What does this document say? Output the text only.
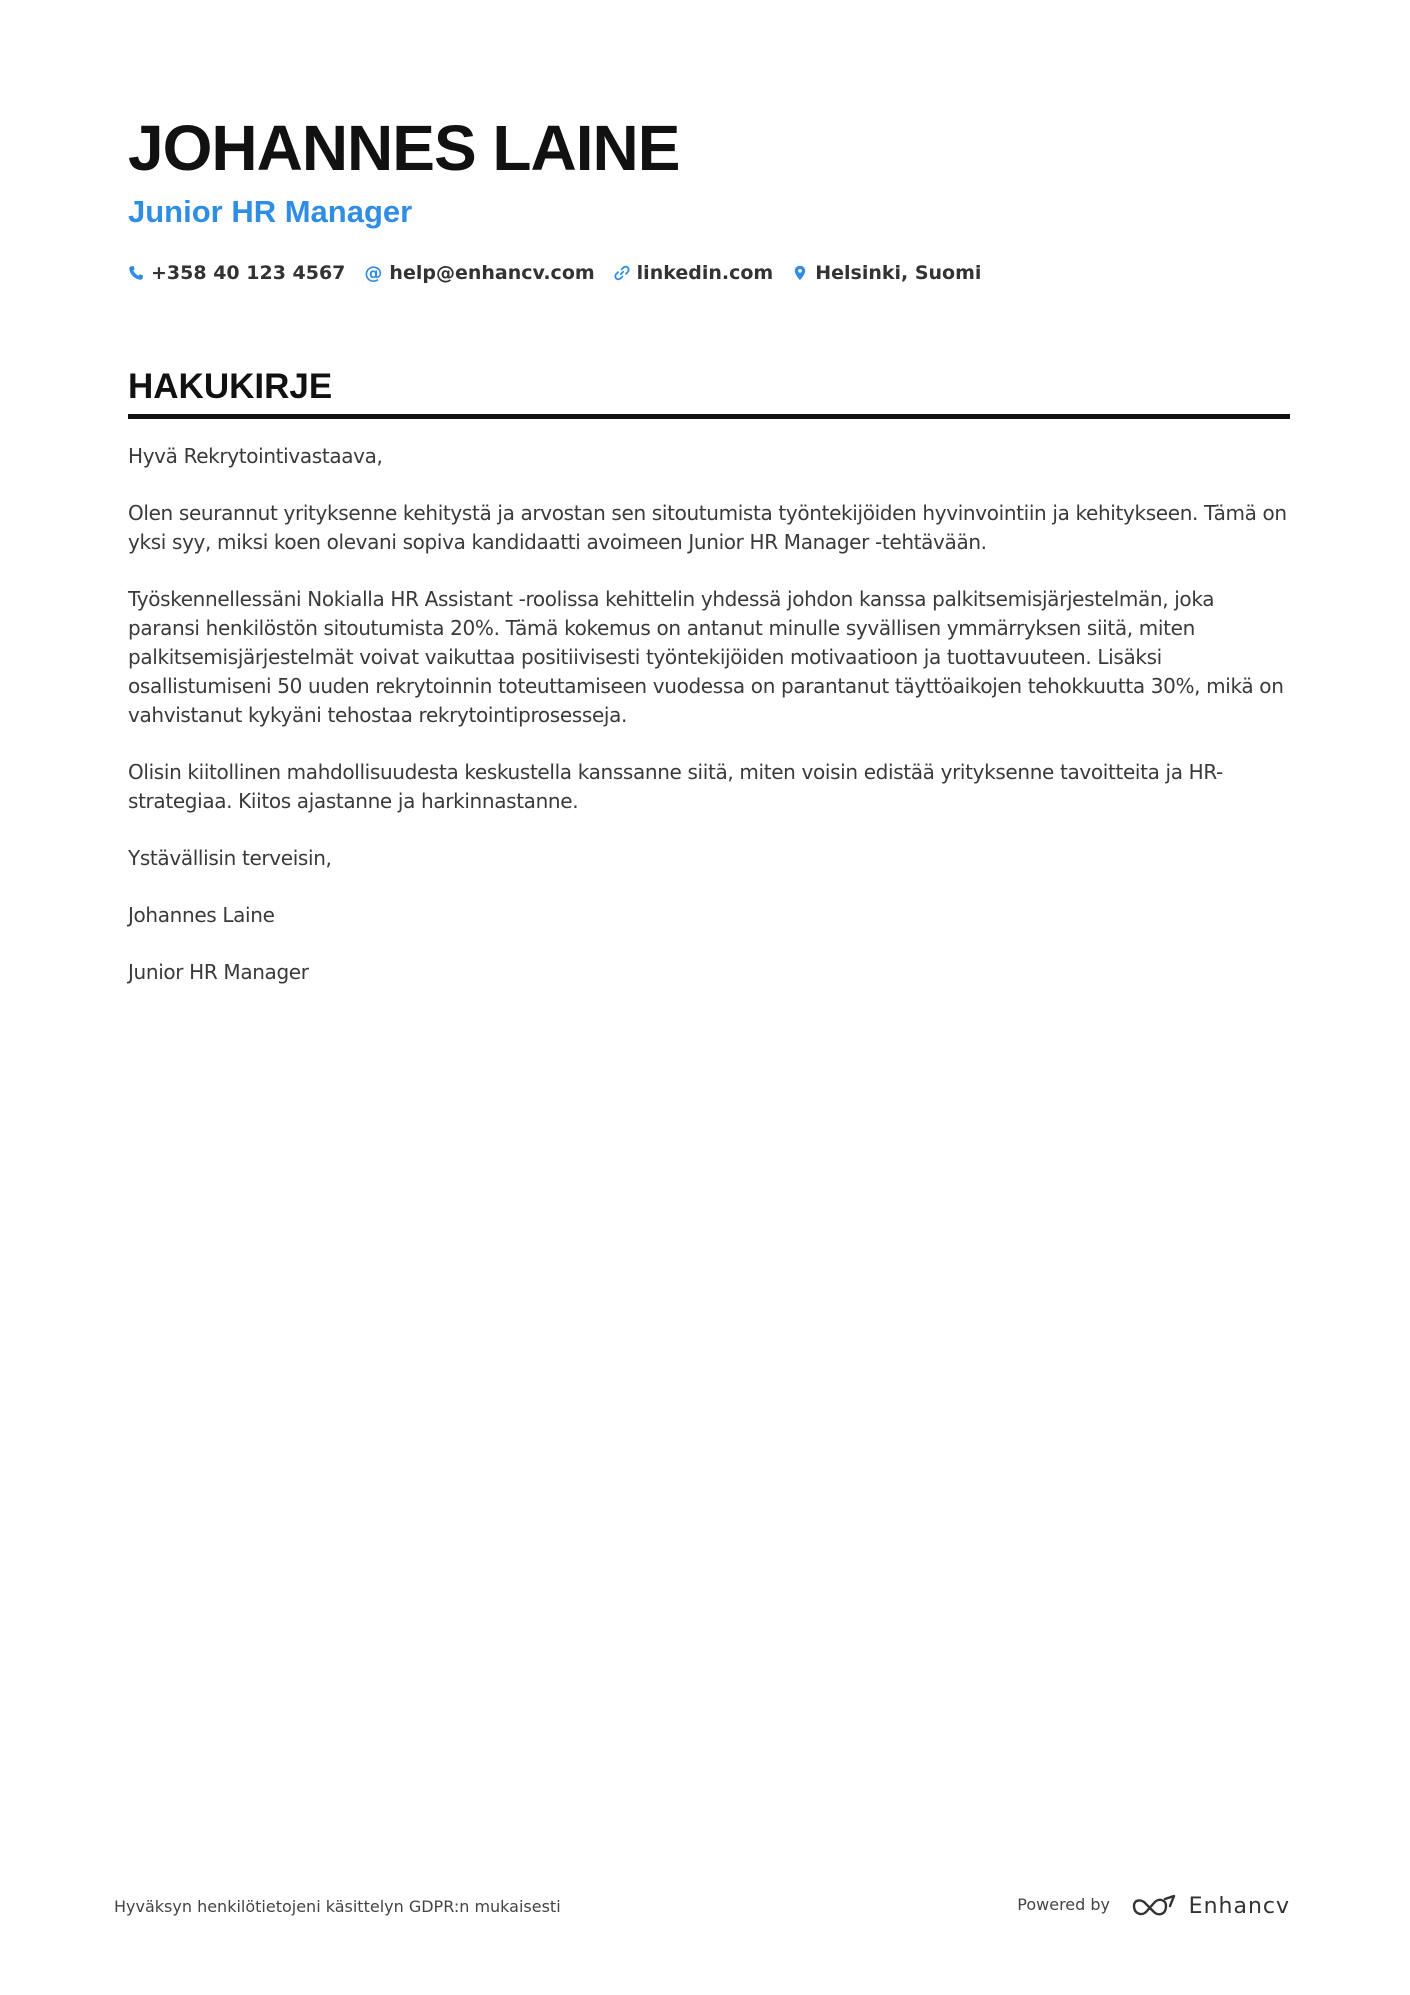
JOHANNES LAINE
Junior HR Manager
+358 40 123 4567 @ help@enhancv.com linkedin.com Helsinki, Suomi
HAKUKIRJE

Hyvä Rekrytointivastaava,

Olen seurannut yrityksenne kehitystä ja arvostan sen sitoutumista työntekijöiden hyvinvointiin ja kehitykseen. Tämä on yksi syy, miksi koen olevani sopiva kandidaatti avoimeen Junior HR Manager -tehtävään.

Työskennellessäni Nokialla HR Assistant -roolissa kehittelin yhdessä johdon kanssa palkitsemisjärjestelmän, joka paransi henkilöstön sitoutumista 20%. Tämä kokemus on antanut minulle syvällisen ymmärryksen siitä, miten palkitsemisjärjestelmät voivat vaikuttaa positiivisesti työntekijöiden motivaatioon ja tuottavuuteen. Lisäksi osallistumiseni 50 uuden rekrytoinnin toteuttamiseen vuodessa on parantanut täyttöaikojen tehokkuutta 30%, mikä on vahvistanut kykyäni tehostaa rekrytointiprosesseja.

Olisin kiitollinen mahdollisuudesta keskustella kanssanne siitä, miten voisin edistää yrityksenne tavoitteita ja HR-strategiaa. Kiitos ajastanne ja harkinnastanne.

Ystävällisin terveisin,

Johannes Laine

Junior HR Manager

Hyväksyn henkilötietojeni käsittelyn GDPR:n mukaisesti	Powered by	Enhancv
